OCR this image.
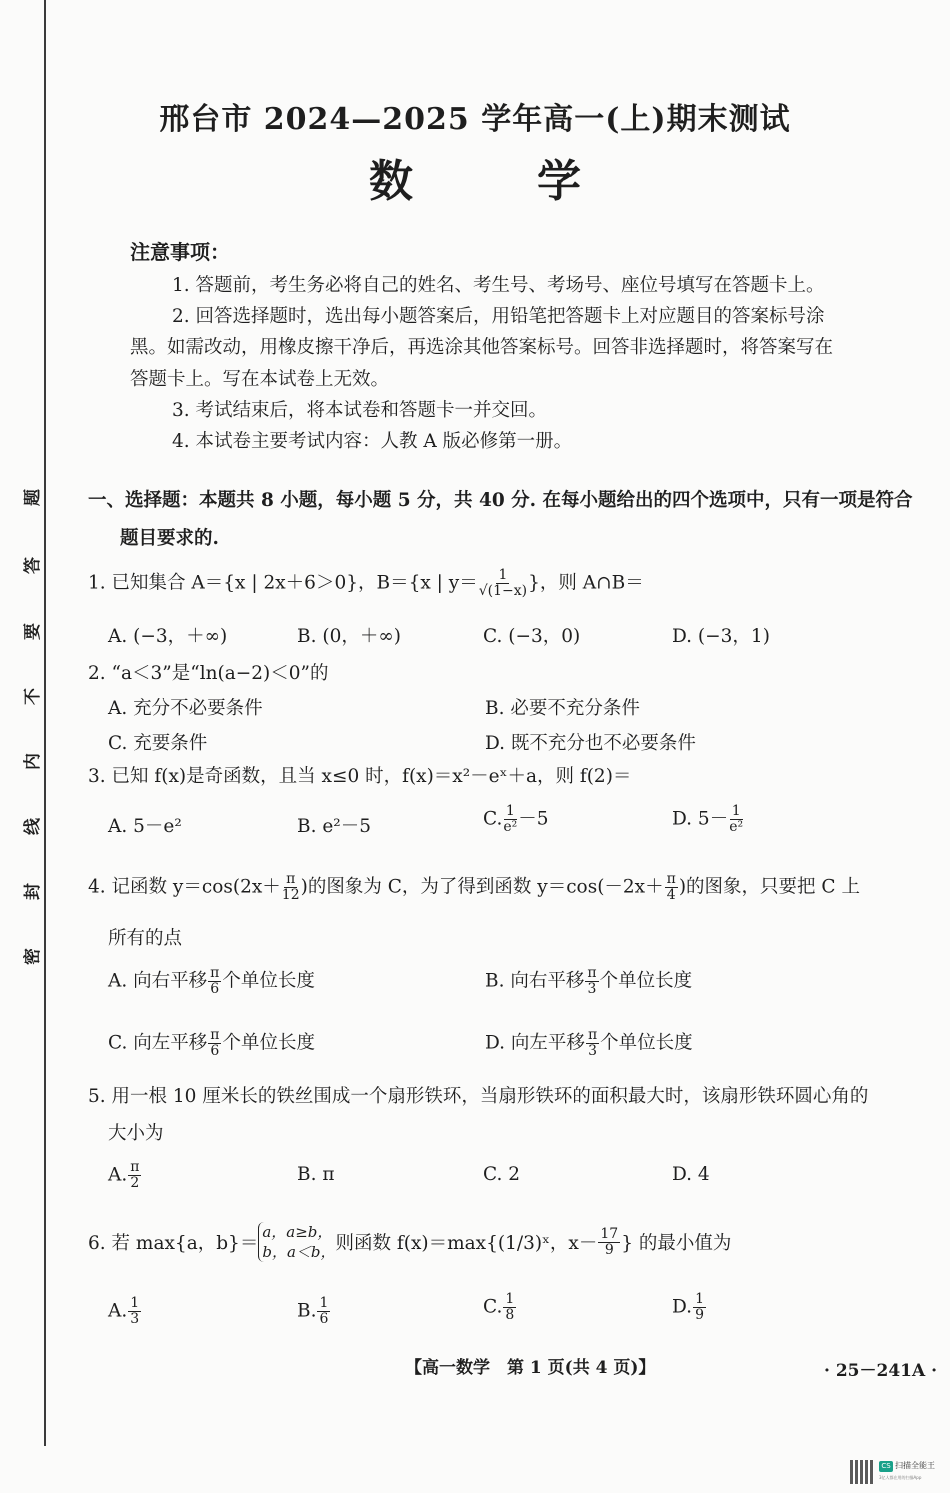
题
答
要
不
内
线
封
密
邢台市 2024—2025 学年高一(上)期末测试
数　学
注意事项：
1. 答题前，考生务必将自己的姓名、考生号、考场号、座位号填写在答题卡上。
2. 回答选择题时，选出每小题答案后，用铅笔把答题卡上对应题目的答案标号涂
黑。如需改动，用橡皮擦干净后，再选涂其他答案标号。回答非选择题时，将答案写在
答题卡上。写在本试卷上无效。
3. 考试结束后，将本试卷和答题卡一并交回。
4. 本试卷主要考试内容：人教 A 版必修第一册。
一、选择题：本题共 8 小题，每小题 5 分，共 40 分. 在每小题给出的四个选项中，只有一项是符合
题目要求的.
1. 已知集合 A＝{x | 2x＋6＞0}，B＝{x | $y= \frac{1}{√(1-x)}$ }，则 A∩B＝
A. (−3，＋∞)	B. (0，＋∞)	C. (−3，0)	D. (−3，1)
2. “a＜3”是“ln(a−2)＜0”的
A. 充分不必要条件	B. 必要不充分条件
C. 充要条件	D. 既不充分也不必要条件
3. 已知 f(x)是奇函数，且当 x≤0 时，f(x)＝x²－eˣ＋a，则 f(2)＝
A. 5－e²	B. e²－5	C. $\frac{1}{\text{e²}} -5$	D. $5- \frac{1}{\text{e²}}$
4. 记函数 $y=\cos(2x+ \frac{\pi}{12}$ )的图象为 C，为了得到函数 $y=\cos(-2x+ \frac{\pi}{4}$ )的图象，只要把 C 上
所有的点
A. 向右平移 $\frac{\pi}{6}$ 个单位长度	B. 向右平移 $\frac{\pi}{3}$ 个单位长度
C. 向左平移 $\frac{\pi}{6}$ 个单位长度	D. 向左平移 $\frac{\pi}{3}$ 个单位长度
5. 用一根 10 厘米长的铁丝围成一个扇形铁环，当扇形铁环的面积最大时，该扇形铁环圆心角的
大小为
A. $\frac{\pi}{2}$	B. π	C. 2	D. 4
6. 若 max{a，b}＝
a，a≥b，
b，a＜b， 则函数 f(x)＝max{(1/3)ˣ，$x- \frac{17}{9}$ } 的最小值为
A. $\frac{1}{3}$	B. $\frac{1}{6}$	C. $\frac{1}{8}$	D. $\frac{1}{9}$
【高一数学　第 1 页(共 4 页)】	· 25－241A ·
CS 扫描全能王
3亿人都在用的扫描App
